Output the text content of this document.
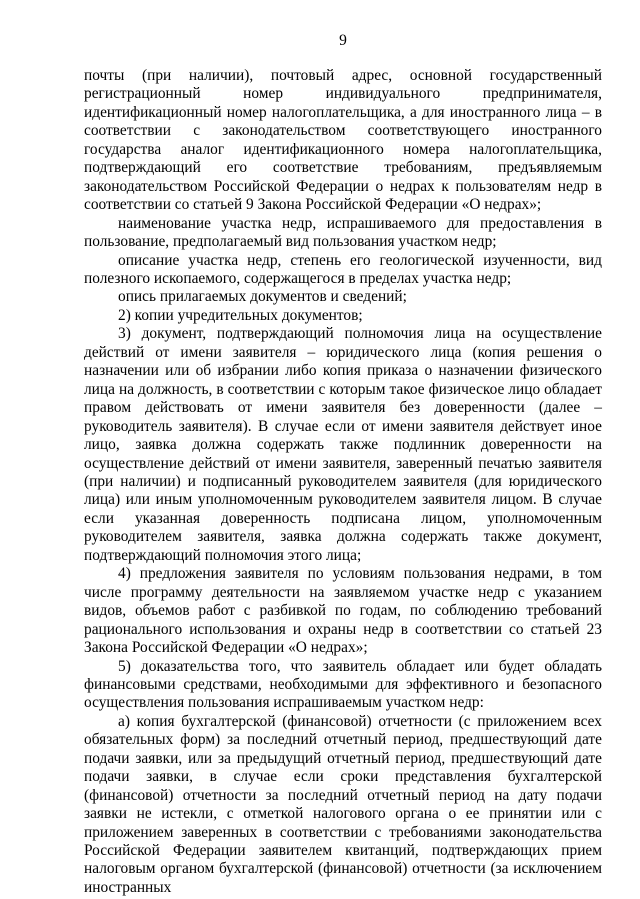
9

почты (при наличии), почтовый адрес, основной государственный регистрационный номер индивидуального предпринимателя, идентификационный номер налогоплательщика, а для иностранного лица – в соответствии с законодательством соответствующего иностранного государства аналог идентификационного номера налогоплательщика, подтверждающий его соответствие требованиям, предъявляемым законодательством Российской Федерации о недрах к пользователям недр в соответствии со статьей 9 Закона Российской Федерации «О недрах»;

наименование участка недр, испрашиваемого для предоставления в пользование, предполагаемый вид пользования участком недр;

описание участка недр, степень его геологической изученности, вид полезного ископаемого, содержащегося в пределах участка недр;

опись прилагаемых документов и сведений;

2) копии учредительных документов;

3) документ, подтверждающий полномочия лица на осуществление действий от имени заявителя – юридического лица (копия решения о назначении или об избрании либо копия приказа о назначении физического лица на должность, в соответствии с которым такое физическое лицо обладает правом действовать от имени заявителя без доверенности (далее – руководитель заявителя). В случае если от имени заявителя действует иное лицо, заявка должна содержать также подлинник доверенности на осуществление действий от имени заявителя, заверенный печатью заявителя (при наличии) и подписанный руководителем заявителя (для юридического лица) или иным уполномоченным руководителем заявителя лицом. В случае если указанная доверенность подписана лицом, уполномоченным руководителем заявителя, заявка должна содержать также документ, подтверждающий полномочия этого лица;

4) предложения заявителя по условиям пользования недрами, в том числе программу деятельности на заявляемом участке недр с указанием видов, объемов работ с разбивкой по годам, по соблюдению требований рационального использования и охраны недр в соответствии со статьей 23 Закона Российской Федерации «О недрах»;

5) доказательства того, что заявитель обладает или будет обладать финансовыми средствами, необходимыми для эффективного и безопасного осуществления пользования испрашиваемым участком недр:

а) копия бухгалтерской (финансовой) отчетности (с приложением всех обязательных форм) за последний отчетный период, предшествующий дате подачи заявки, или за предыдущий отчетный период, предшествующий дате подачи заявки, в случае если сроки представления бухгалтерской (финансовой) отчетности за последний отчетный период на дату подачи заявки не истекли, с отметкой налогового органа о ее принятии или с приложением заверенных в соответствии с требованиями законодательства Российской Федерации заявителем квитанций, подтверждающих прием налоговым органом бухгалтерской (финансовой) отчетности (за исключением иностранных
